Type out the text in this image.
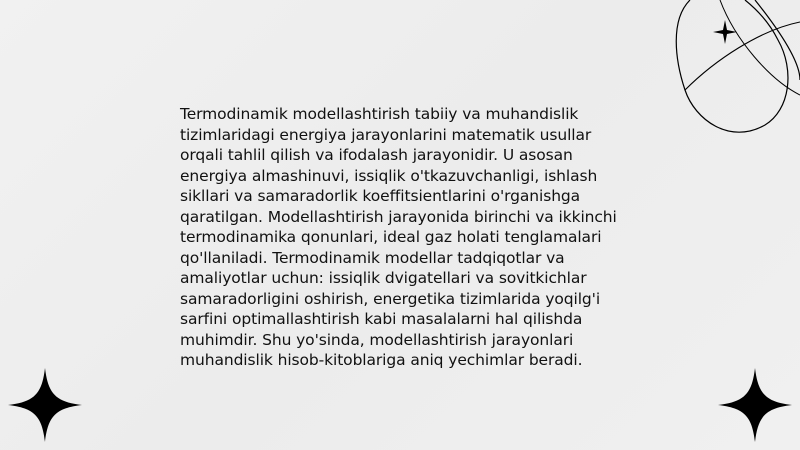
Termodinamik modellashtirish tabiiy va muhandislik tizimlaridagi energiya jarayonlarini matematik usullar orqali tahlil qilish va ifodalash jarayonidir. U asosan energiya almashinuvi, issiqlik o'tkazuvchanligi, ishlash sikllari va samaradorlik koeffitsientlarini o'rganishga qaratilgan. Modellashtirish jarayonida birinchi va ikkinchi termodinamika qonunlari, ideal gaz holati tenglamalari qo'llaniladi. Termodinamik modellar tadqiqotlar va amaliyotlar uchun: issiqlik dvigatellari va sovitkichlar samaradorligini oshirish, energetika tizimlarida yoqilg'i sarfini optimallashtirish kabi masalalarni hal qilishda muhimdir. Shu yo'sinda, modellashtirish jarayonlari muhandislik hisob-kitoblariga aniq yechimlar beradi.
